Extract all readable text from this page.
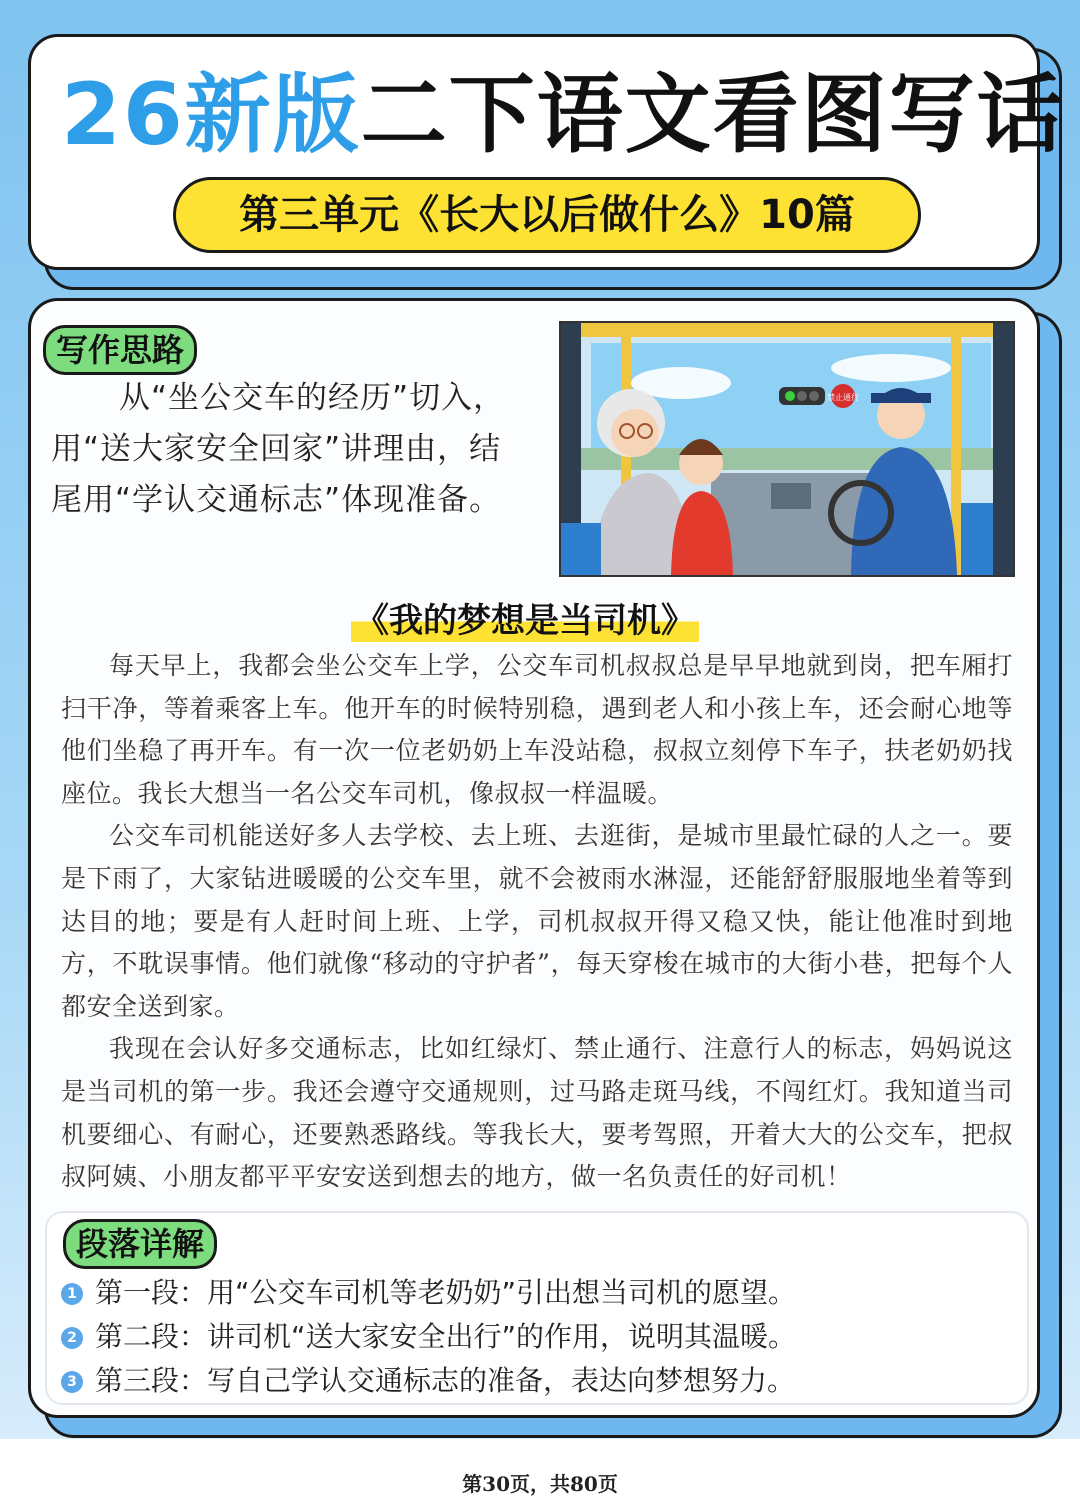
26新版二下语文看图写话
第三单元《长大以后做什么》10篇
写作思路
从“坐公交车的经历”切入，用“送大家安全回家”讲理由，结尾用“学认交通标志”体现准备。
禁止通行
《我的梦想是当司机》

每天早上，我都会坐公交车上学，公交车司机叔叔总是早早地就到岗，把车厢打扫干净，等着乘客上车。他开车的时候特别稳，遇到老人和小孩上车，还会耐心地等他们坐稳了再开车。有一次一位老奶奶上车没站稳，叔叔立刻停下车子，扶老奶奶找座位。我长大想当一名公交车司机，像叔叔一样温暖。

公交车司机能送好多人去学校、去上班、去逛街，是城市里最忙碌的人之一。要是下雨了，大家钻进暖暖的公交车里，就不会被雨水淋湿，还能舒舒服服地坐着等到达目的地；要是有人赶时间上班、上学，司机叔叔开得又稳又快，能让他准时到地方，不耽误事情。他们就像“移动的守护者”，每天穿梭在城市的大街小巷，把每个人都安全送到家。

我现在会认好多交通标志，比如红绿灯、禁止通行、注意行人的标志，妈妈说这是当司机的第一步。我还会遵守交通规则，过马路走斑马线，不闯红灯。我知道当司机要细心、有耐心，还要熟悉路线。等我长大，要考驾照，开着大大的公交车，把叔叔阿姨、小朋友都平平安安送到想去的地方，做一名负责任的好司机！

段落详解
1 第一段：用“公交车司机等老奶奶”引出想当司机的愿望。
2 第二段：讲司机“送大家安全出行”的作用，说明其温暖。
3 第三段：写自己学认交通标志的准备，表达向梦想努力。
第30页，共80页
